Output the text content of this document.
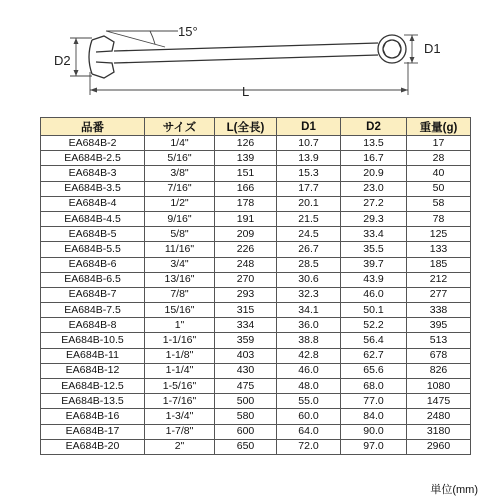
15°
D2
D1
L
品番	サイズ	L(全長)	D1	D2	重量(g)
EA684B-2	1/4"	126	10.7	13.5	17
EA684B-2.5	5/16"	139	13.9	16.7	28
EA684B-3	3/8"	151	15.3	20.9	40
EA684B-3.5	7/16"	166	17.7	23.0	50
EA684B-4	1/2"	178	20.1	27.2	58
EA684B-4.5	9/16"	191	21.5	29.3	78
EA684B-5	5/8"	209	24.5	33.4	125
EA684B-5.5	11/16"	226	26.7	35.5	133
EA684B-6	3/4"	248	28.5	39.7	185
EA684B-6.5	13/16"	270	30.6	43.9	212
EA684B-7	7/8"	293	32.3	46.0	277
EA684B-7.5	15/16"	315	34.1	50.1	338
EA684B-8	1"	334	36.0	52.2	395
EA684B-10.5	1-1/16"	359	38.8	56.4	513
EA684B-11	1-1/8"	403	42.8	62.7	678
EA684B-12	1-1/4"	430	46.0	65.6	826
EA684B-12.5	1-5/16"	475	48.0	68.0	1080
EA684B-13.5	1-7/16"	500	55.0	77.0	1475
EA684B-16	1-3/4"	580	60.0	84.0	2480
EA684B-17	1-7/8"	600	64.0	90.0	3180
EA684B-20	2"	650	72.0	97.0	2960
単位(mm)
